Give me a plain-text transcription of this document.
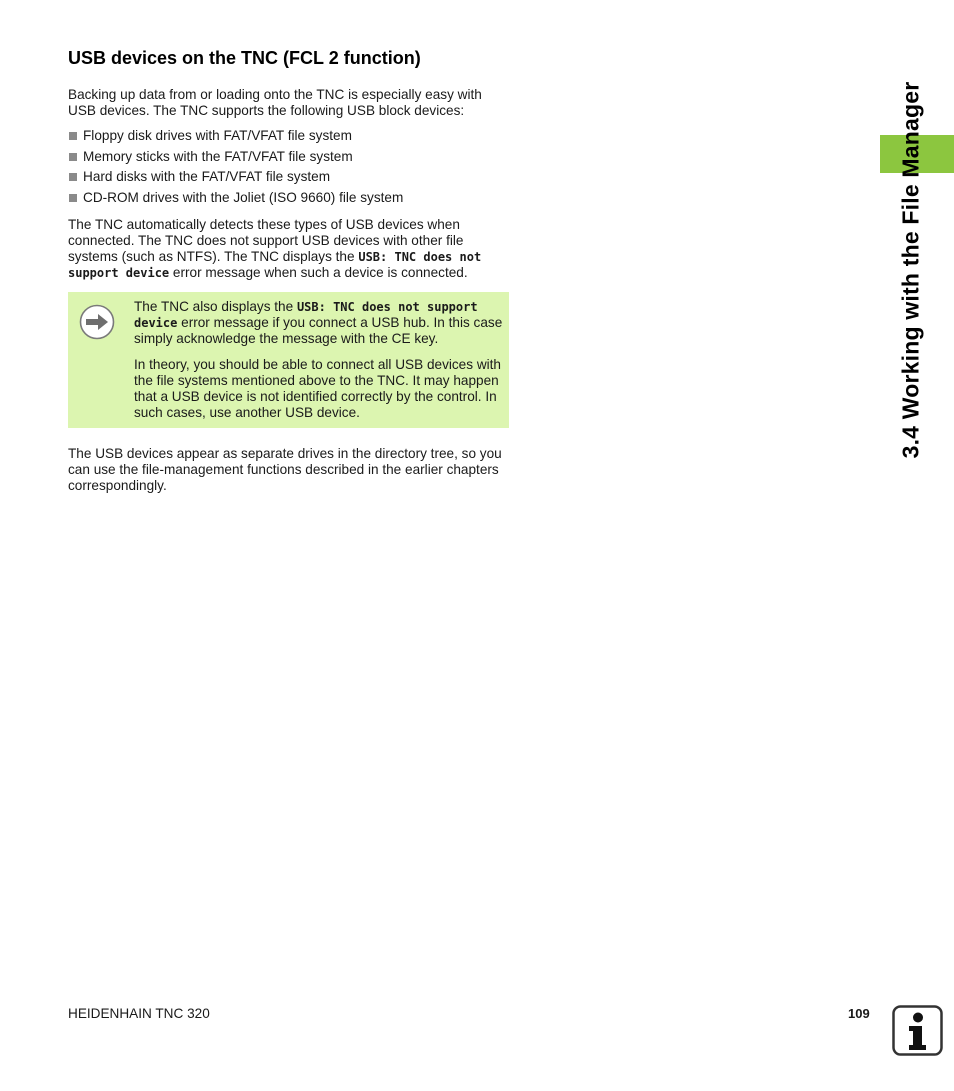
USB devices on the TNC (FCL 2 function)

Backing up data from or loading onto the TNC is especially easy with USB devices. The TNC supports the following USB block devices:

Floppy disk drives with FAT/VFAT file system
Memory sticks with the FAT/VFAT file system
Hard disks with the FAT/VFAT file system
CD-ROM drives with the Joliet (ISO 9660) file system

The TNC automatically detects these types of USB devices when connected. The TNC does not support USB devices with other file systems (such as NTFS). The TNC displays the USB: TNC does not support device error message when such a device is connected.

The TNC also displays the USB: TNC does not support device error message if you connect a USB hub. In this case simply acknowledge the message with the CE key.

In theory, you should be able to connect all USB devices with the file systems mentioned above to the TNC. It may happen that a USB device is not identified correctly by the control. In such cases, use another USB device.

The USB devices appear as separate drives in the directory tree, so you can use the file-management functions described in the earlier chapters correspondingly.

3.4 Working with the File Manager
HEIDENHAIN TNC 320	109
